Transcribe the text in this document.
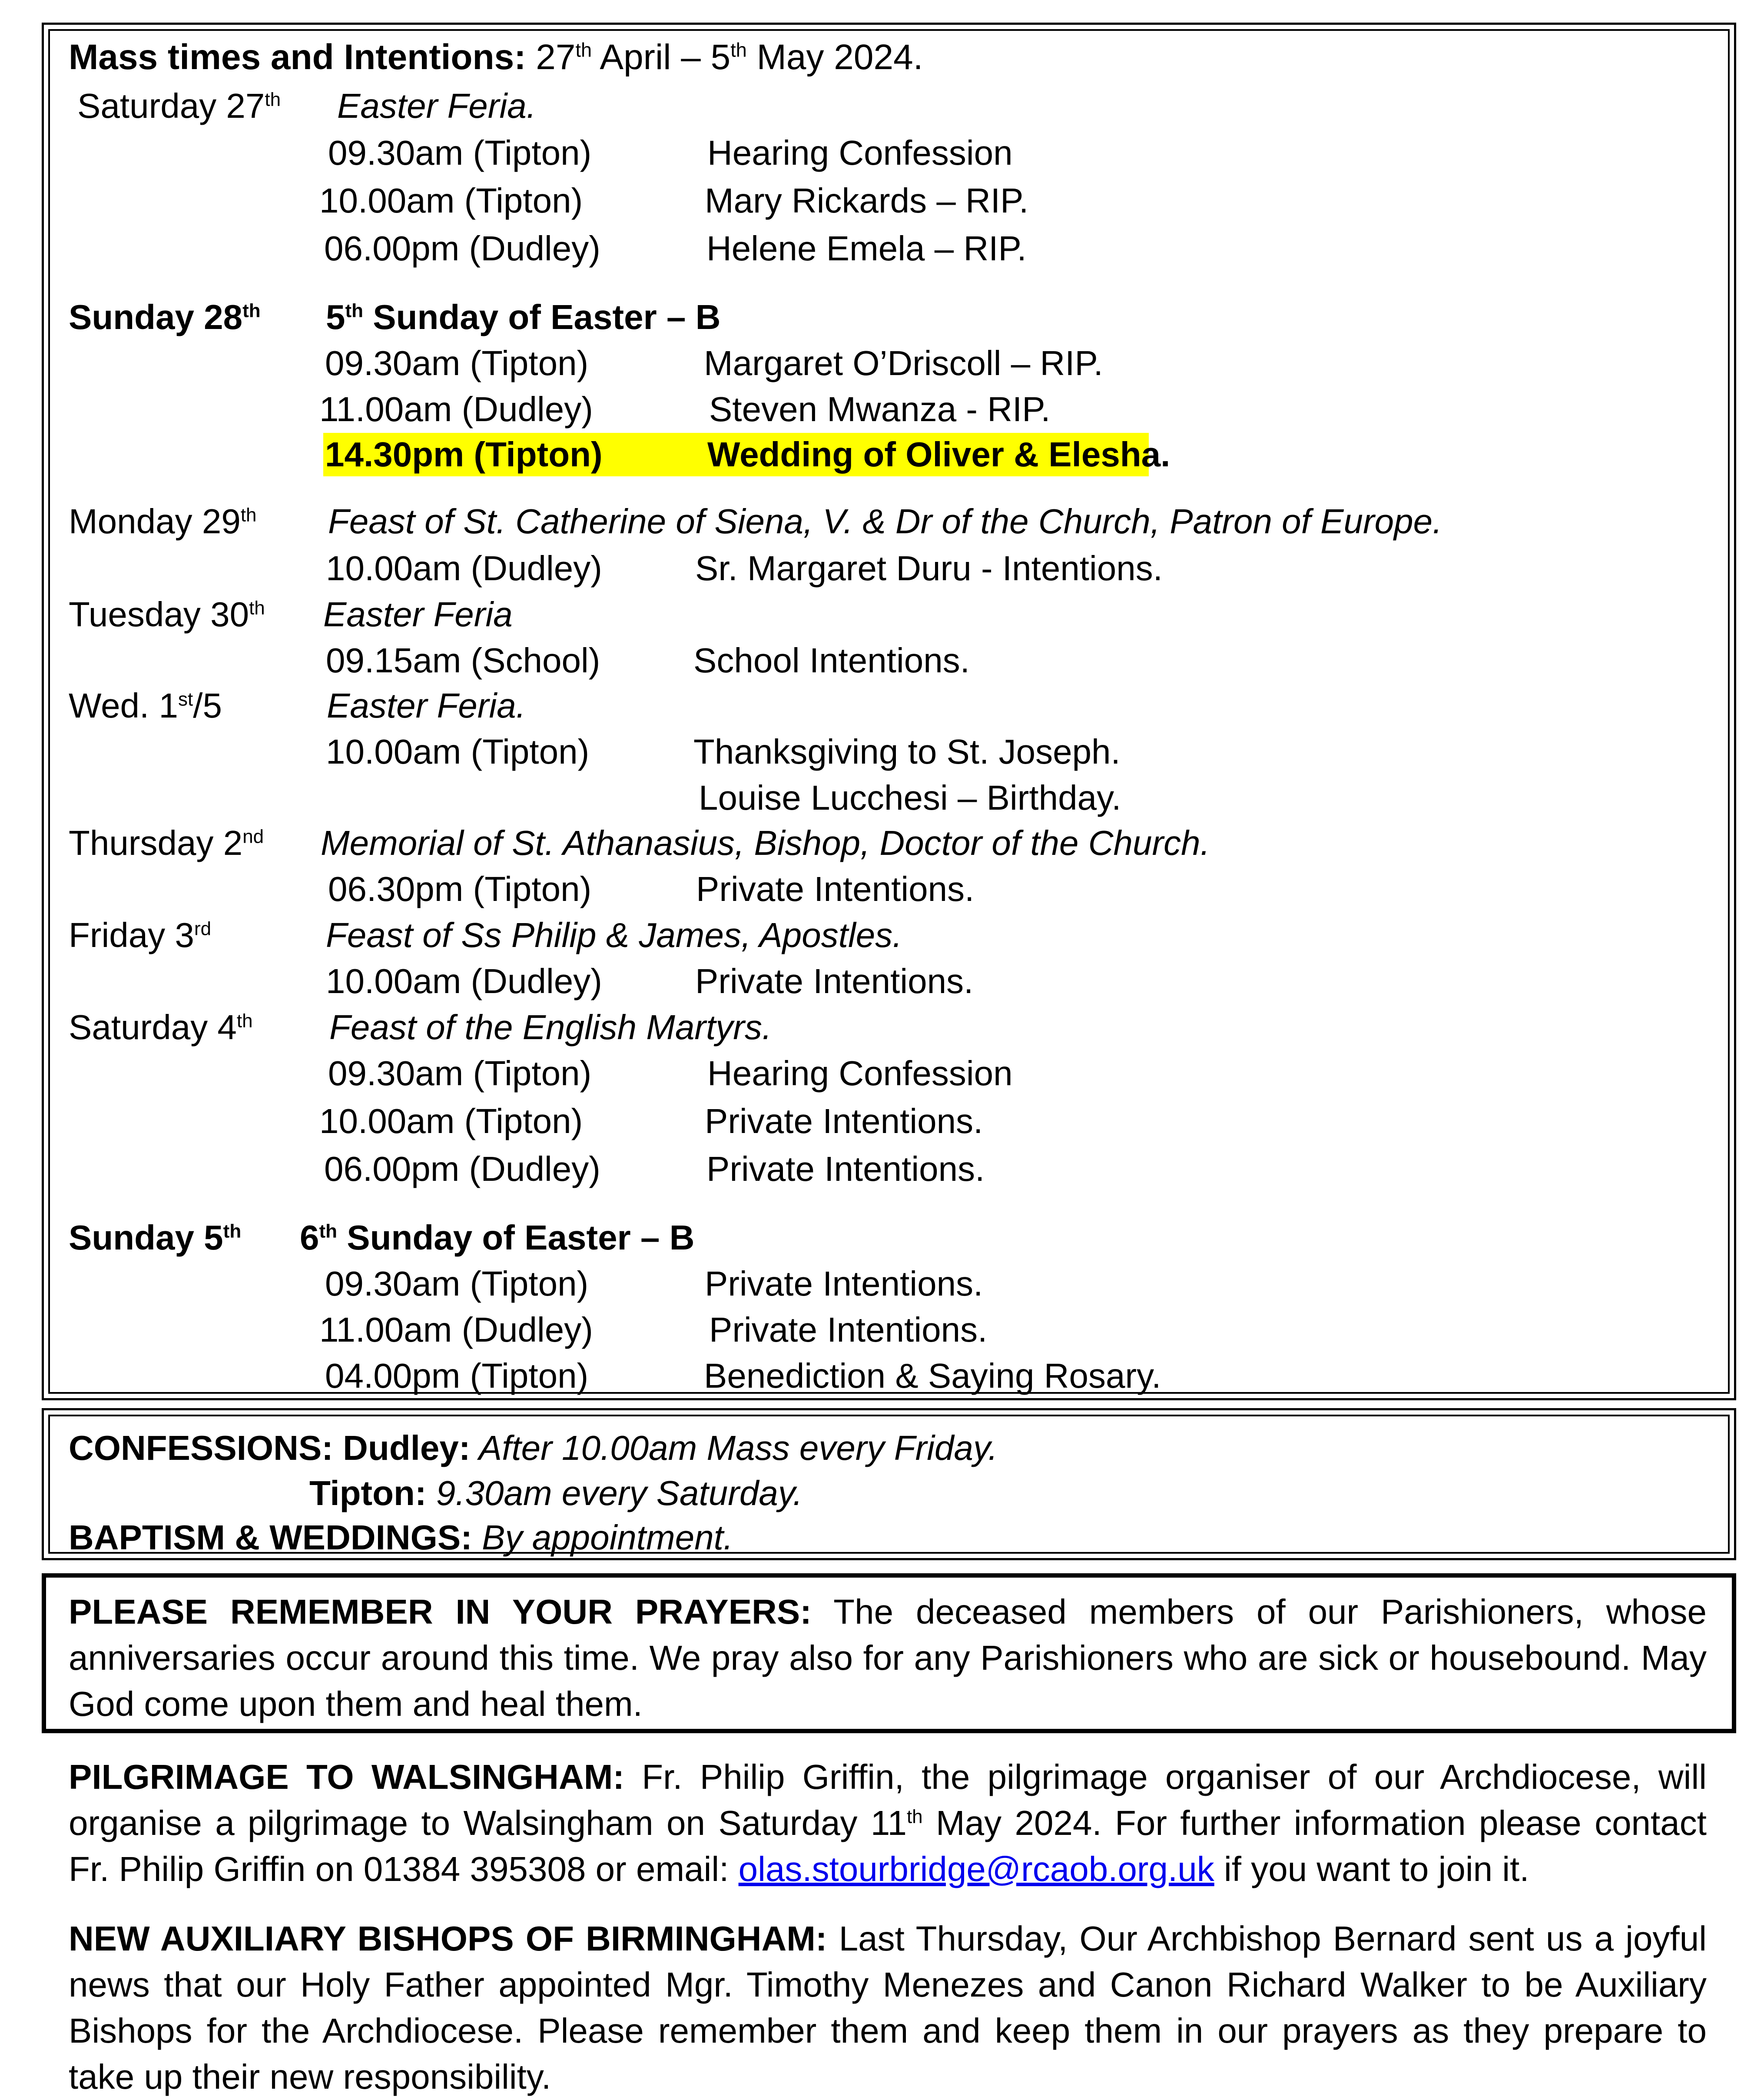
Mass times and Intentions: 27th April – 5th May 2024.
Saturday 27th Easter Feria.
09.30am (Tipton)	Hearing Confession
10.00am (Tipton)	Mary Rickards – RIP.
06.00pm (Dudley)	Helene Emela – RIP.
Sunday 28th 5th Sunday of Easter – B
09.30am (Tipton)	Margaret O’Driscoll – RIP.
11.00am (Dudley)	Steven Mwanza - RIP.
14.30pm (Tipton)	Wedding of Oliver & Elesha.
Monday 29th Feast of St. Catherine of Siena, V. & Dr of the Church, Patron of Europe.
10.00am (Dudley)	Sr. Margaret Duru - Intentions.
Tuesday 30th Easter Feria
09.15am (School)	School Intentions.
Wed. 1st/5	Easter Feria.
10.00am (Tipton)	Thanksgiving to St. Joseph.
Louise Lucchesi – Birthday.
Thursday 2nd Memorial of St. Athanasius, Bishop, Doctor of the Church.
06.30pm (Tipton)	Private Intentions.
Friday 3rd	Feast of Ss Philip & James, Apostles.
10.00am (Dudley)	Private Intentions.
Saturday 4th Feast of the English Martyrs.
09.30am (Tipton)	Hearing Confession
10.00am (Tipton)	Private Intentions.
06.00pm (Dudley)	Private Intentions.
Sunday 5th 6th Sunday of Easter – B
09.30am (Tipton)	Private Intentions.
11.00am (Dudley)	Private Intentions.
04.00pm (Tipton)	Benediction & Saying Rosary.
CONFESSIONS: Dudley: After 10.00am Mass every Friday.
Tipton: 9.30am every Saturday.
BAPTISM & WEDDINGS: By appointment.
PLEASE REMEMBER IN YOUR PRAYERS: The deceased members of our Parishioners, whose anniversaries occur around this time. We pray also for any Parishioners who are sick or housebound. May God come upon them and heal them.
PILGRIMAGE TO WALSINGHAM: Fr. Philip Griffin, the pilgrimage organiser of our Archdiocese, will organise a pilgrimage to Walsingham on Saturday 11th May 2024. For further information please contact Fr. Philip Griffin on 01384 395308 or email: olas.stourbridge@rcaob.org.uk if you want to join it.
NEW AUXILIARY BISHOPS OF BIRMINGHAM: Last Thursday, Our Archbishop Bernard sent us a joyful news that our Holy Father appointed Mgr. Timothy Menezes and Canon Richard Walker to be Auxiliary Bishops for the Archdiocese. Please remember them and keep them in our prayers as they prepare to take up their new responsibility.
